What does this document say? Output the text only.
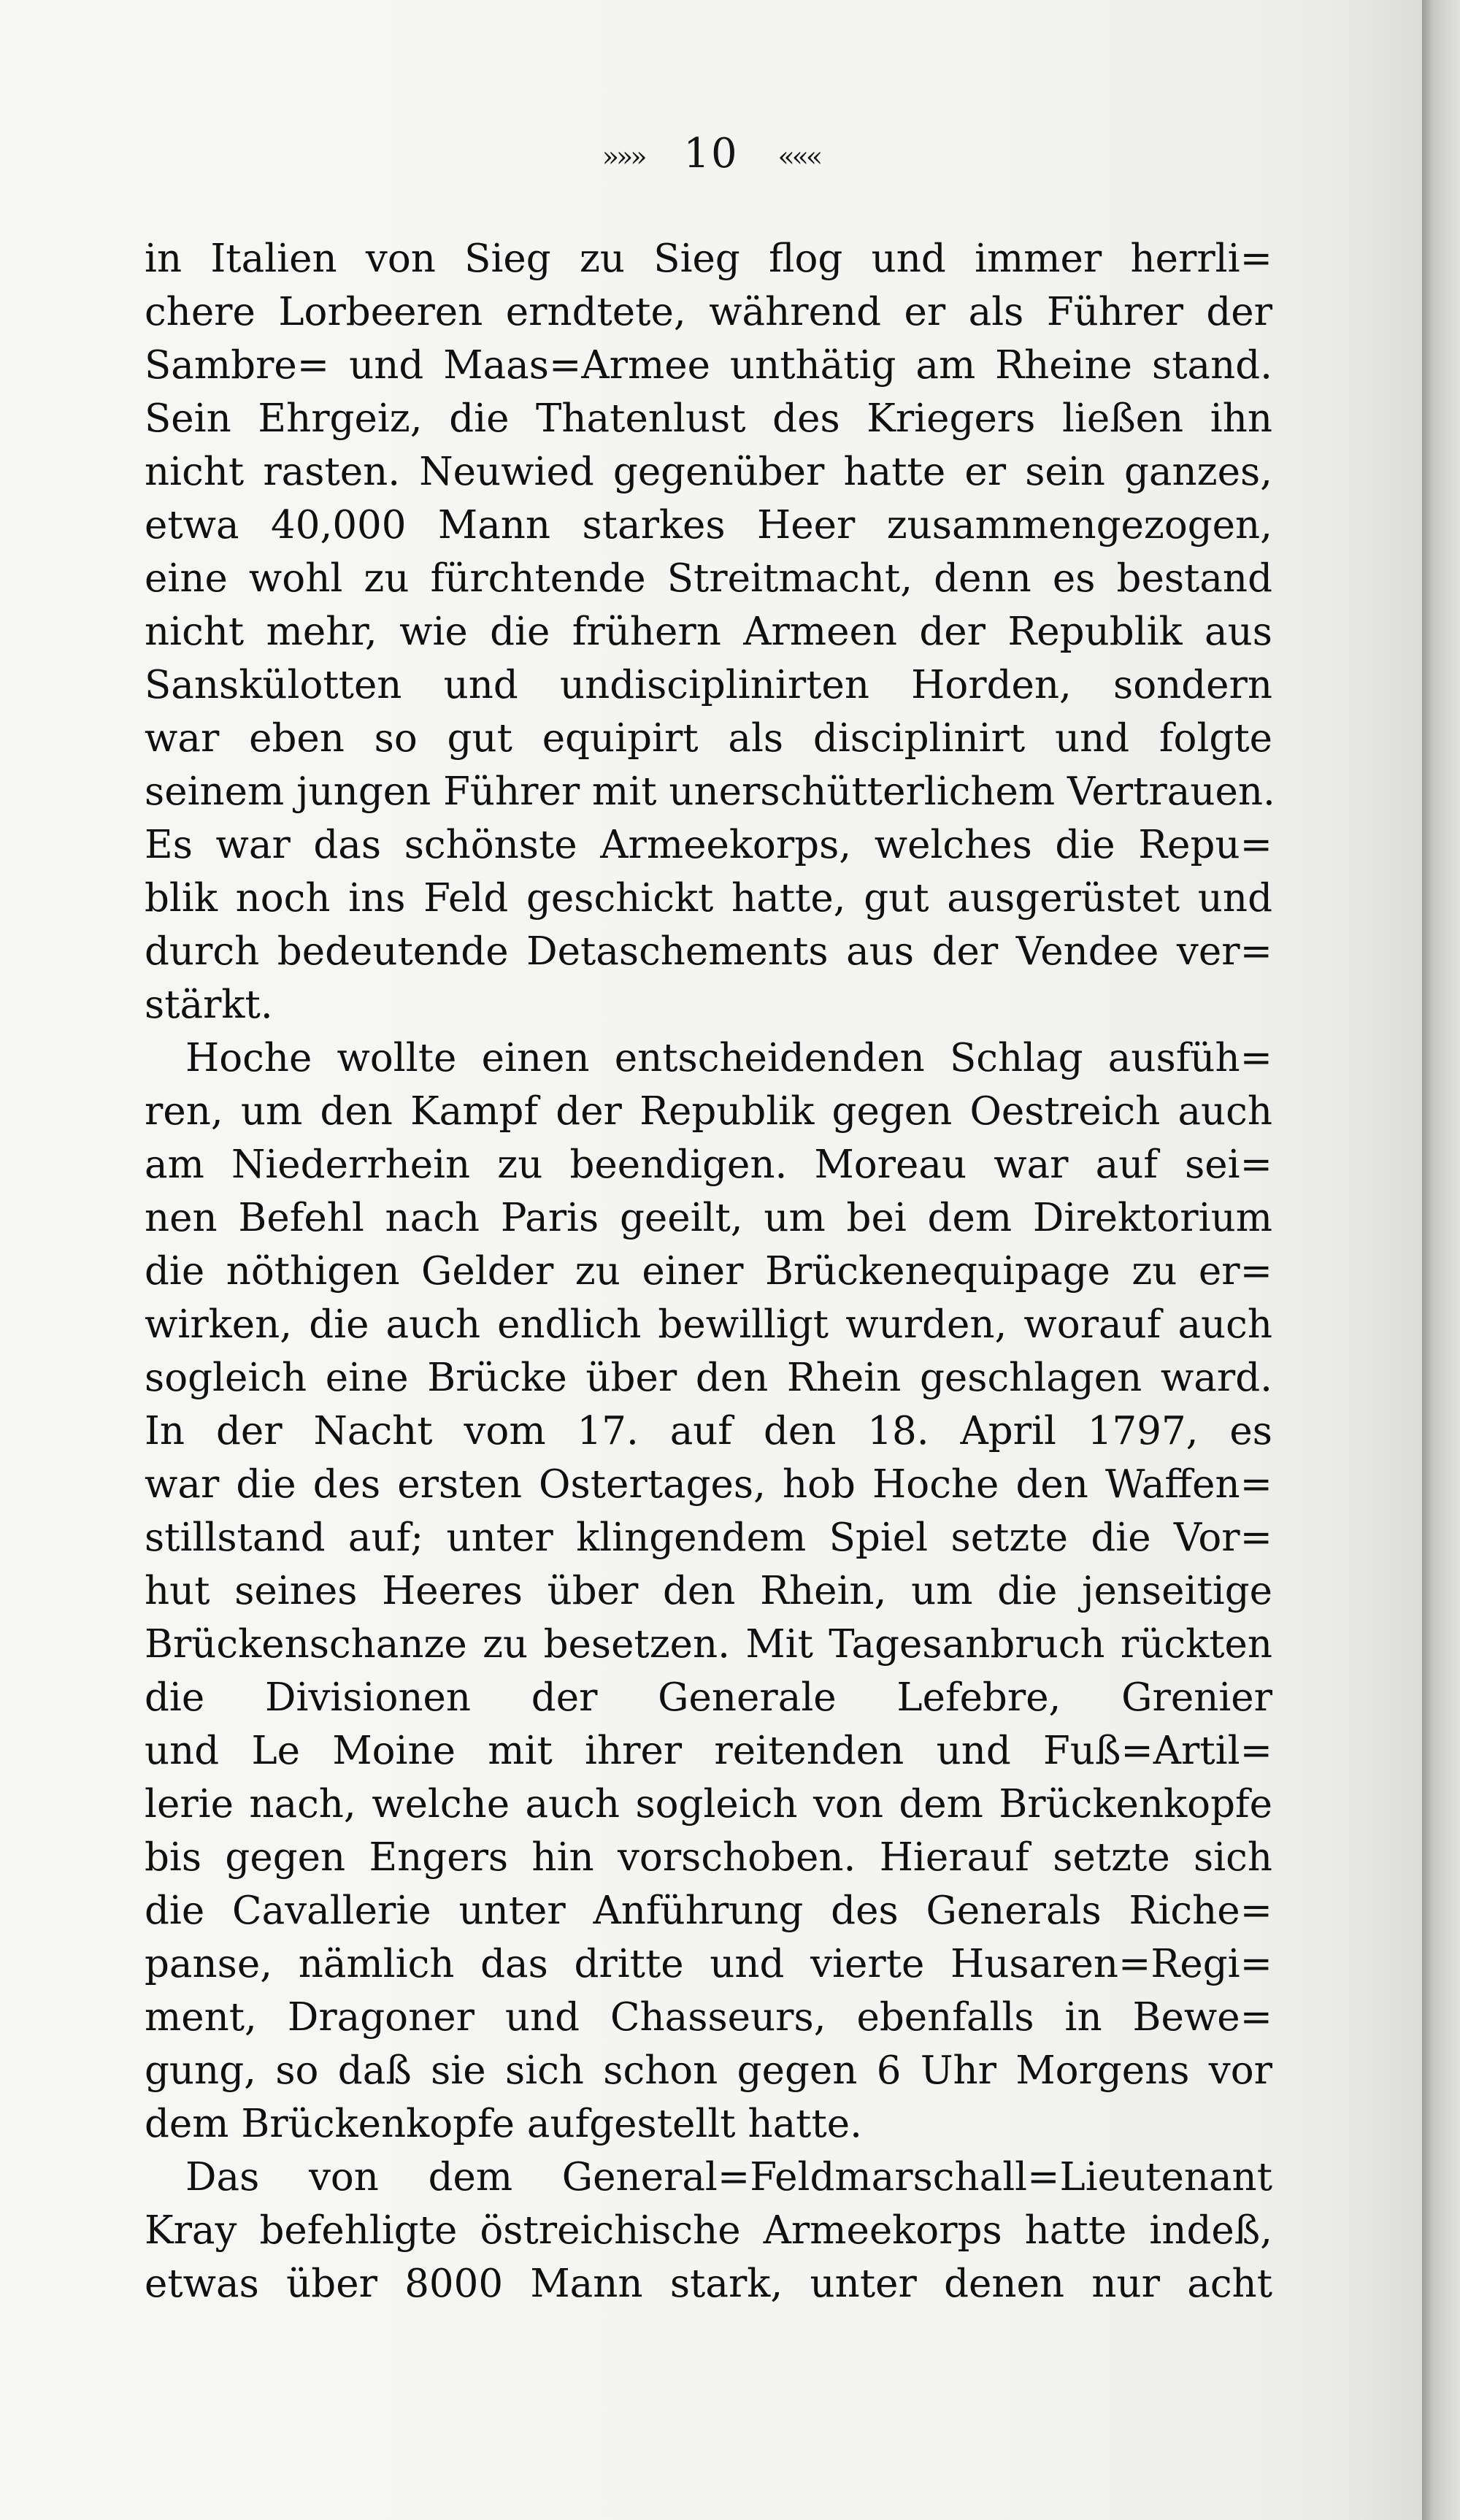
»»» 10 «««
in Italien von Sieg zu Sieg flog und immer herrli=
chere Lorbeeren erndtete, während er als Führer der
Sambre= und Maas=Armee unthätig am Rheine stand.
Sein Ehrgeiz, die Thatenlust des Kriegers ließen ihn
nicht rasten. Neuwied gegenüber hatte er sein ganzes,
etwa 40,000 Mann starkes Heer zusammengezogen,
eine wohl zu fürchtende Streitmacht, denn es bestand
nicht mehr, wie die frühern Armeen der Republik aus
Sanskülotten und undisciplinirten Horden, sondern
war eben so gut equipirt als disciplinirt und folgte
seinem jungen Führer mit unerschütterlichem Vertrauen.
Es war das schönste Armeekorps, welches die Repu=
blik noch ins Feld geschickt hatte, gut ausgerüstet und
durch bedeutende Detaschements aus der Vendee ver=
stärkt.
Hoche wollte einen entscheidenden Schlag ausfüh=
ren, um den Kampf der Republik gegen Oestreich auch
am Niederrhein zu beendigen. Moreau war auf sei=
nen Befehl nach Paris geeilt, um bei dem Direktorium
die nöthigen Gelder zu einer Brückenequipage zu er=
wirken, die auch endlich bewilligt wurden, worauf auch
sogleich eine Brücke über den Rhein geschlagen ward.
In der Nacht vom 17. auf den 18. April 1797, es
war die des ersten Ostertages, hob Hoche den Waffen=
stillstand auf; unter klingendem Spiel setzte die Vor=
hut seines Heeres über den Rhein, um die jenseitige
Brückenschanze zu besetzen. Mit Tagesanbruch rückten
die Divisionen der Generale Lefebre, Grenier
und Le Moine mit ihrer reitenden und Fuß=Artil=
lerie nach, welche auch sogleich von dem Brückenkopfe
bis gegen Engers hin vorschoben. Hierauf setzte sich
die Cavallerie unter Anführung des Generals Riche=
panse, nämlich das dritte und vierte Husaren=Regi=
ment, Dragoner und Chasseurs, ebenfalls in Bewe=
gung, so daß sie sich schon gegen 6 Uhr Morgens vor
dem Brückenkopfe aufgestellt hatte.
Das von dem General=Feldmarschall=Lieutenant
Kray befehligte östreichische Armeekorps hatte indeß,
etwas über 8000 Mann stark, unter denen nur acht
